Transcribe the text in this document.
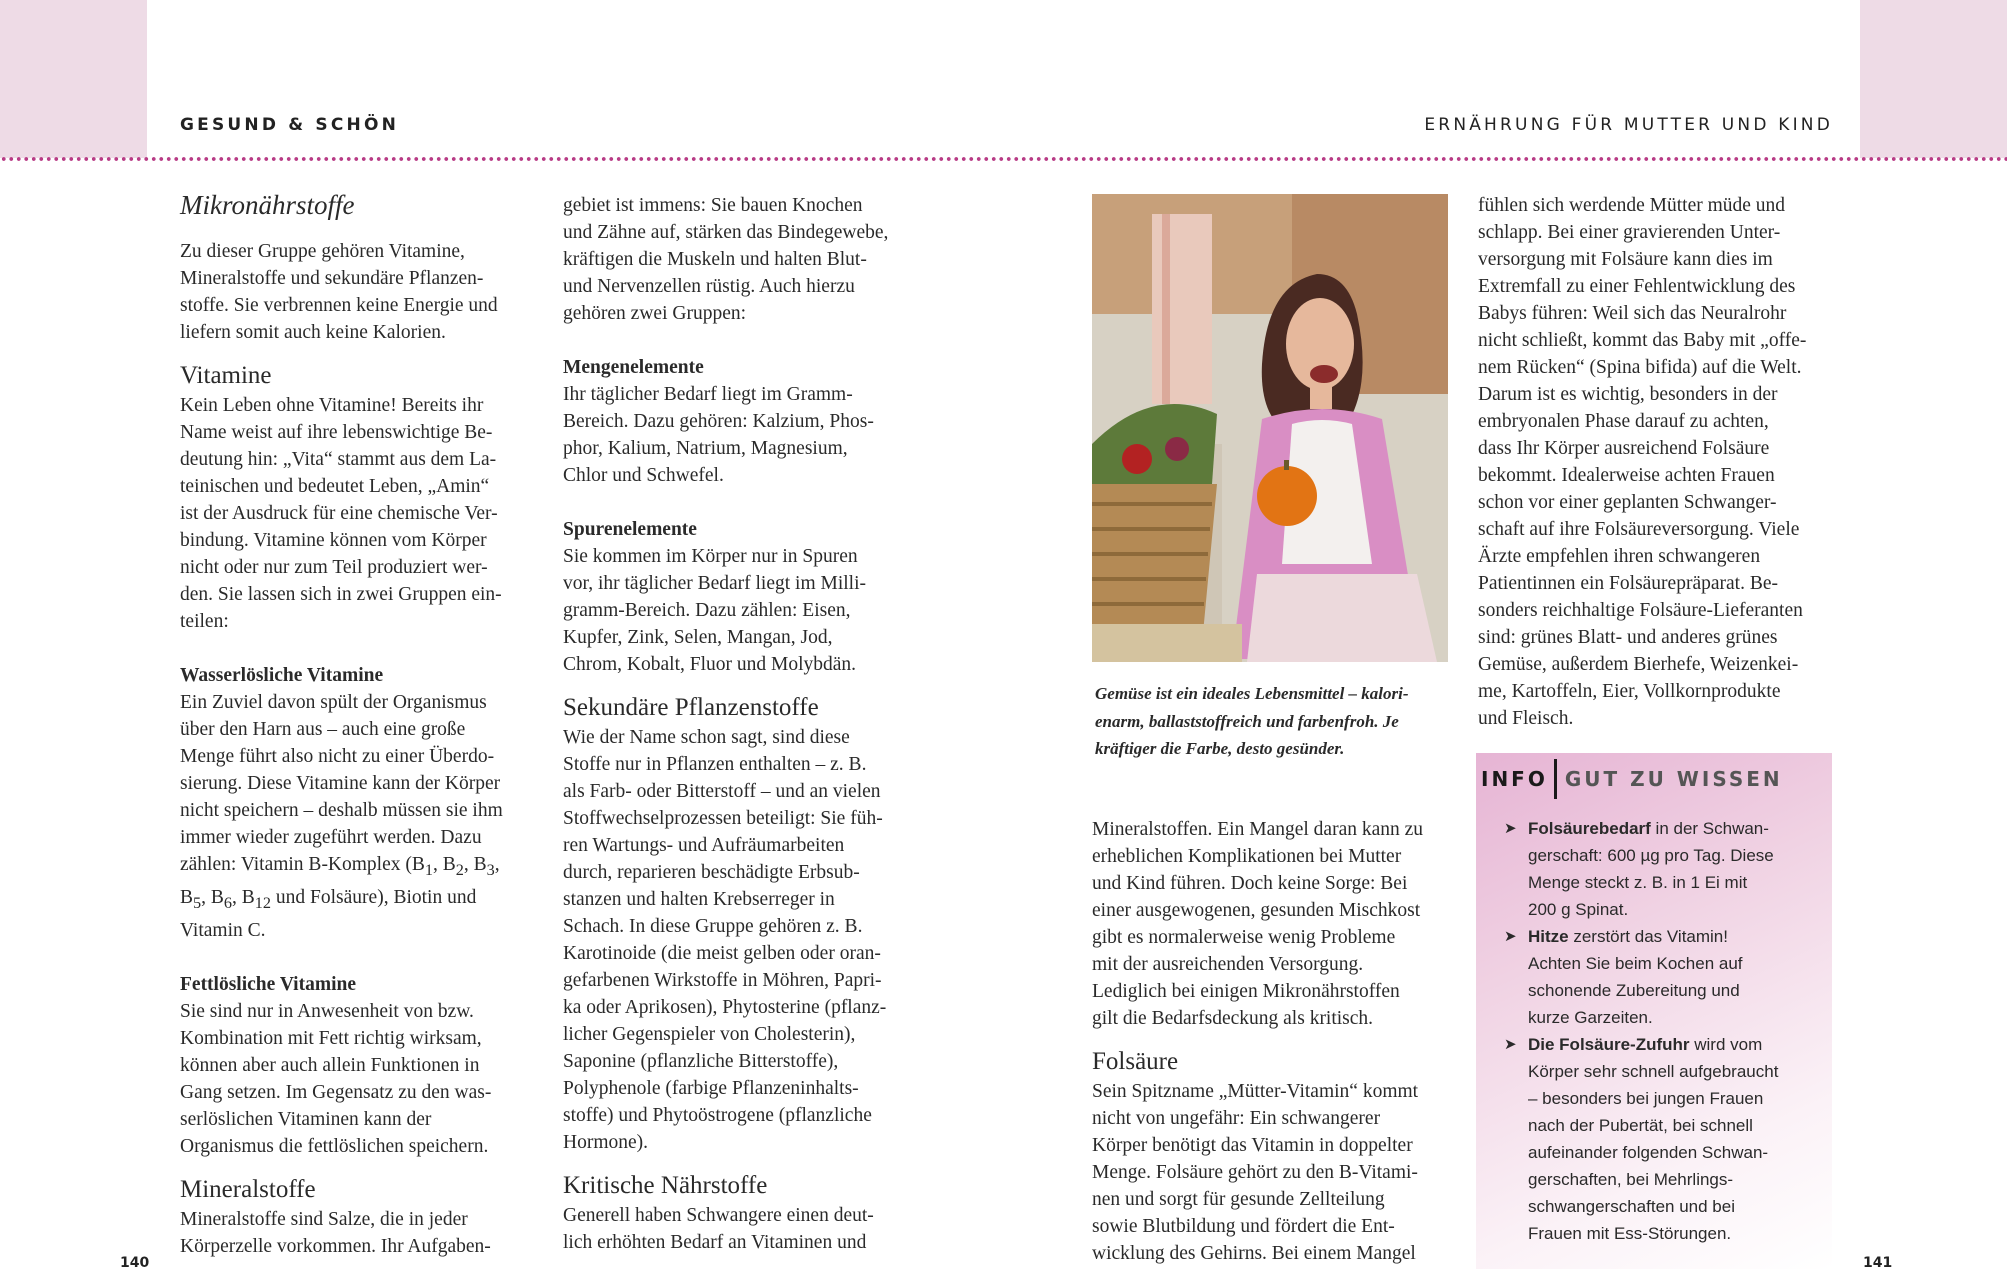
GESUND & SCHÖN	ERNÄHRUNG FÜR MUTTER UND KIND

Mikronährstoffe

Zu dieser Gruppe gehören Vitamine,

Mineralstoffe und sekundäre Pflanzen-

stoffe. Sie verbrennen keine Energie und

liefern somit auch keine Kalorien.

Vitamine

Kein Leben ohne Vitamine! Bereits ihr

Name weist auf ihre lebenswichtige Be-

deutung hin: „Vita“ stammt aus dem La-

teinischen und bedeutet Leben, „Amin“

ist der Ausdruck für eine chemische Ver-

bindung. Vitamine können vom Körper

nicht oder nur zum Teil produziert wer-

den. Sie lassen sich in zwei Gruppen ein-

teilen:

Wasserlösliche Vitamine

Ein Zuviel davon spült der Organismus

über den Harn aus – auch eine große

Menge führt also nicht zu einer Überdo-

sierung. Diese Vitamine kann der Körper

nicht speichern – deshalb müssen sie ihm

immer wieder zugeführt werden. Dazu

zählen: Vitamin B-Komplex ($B_1$, $B_2$, $B_3$,

$B_5$, $B_6$, $B_{12}$ und Folsäure), Biotin und

Vitamin C.

Fettlösliche Vitamine

Sie sind nur in Anwesenheit von bzw.

Kombination mit Fett richtig wirksam,

können aber auch allein Funktionen in

Gang setzen. Im Gegensatz zu den was-

serlöslichen Vitaminen kann der

Organismus die fettlöslichen speichern.

Mineralstoffe

Mineralstoffe sind Salze, die in jeder

Körperzelle vorkommen. Ihr Aufgaben-

gebiet ist immens: Sie bauen Knochen

und Zähne auf, stärken das Bindegewebe,

kräftigen die Muskeln und halten Blut-

und Nervenzellen rüstig. Auch hierzu

gehören zwei Gruppen:

Mengenelemente

Ihr täglicher Bedarf liegt im Gramm-

Bereich. Dazu gehören: Kalzium, Phos-

phor, Kalium, Natrium, Magnesium,

Chlor und Schwefel.

Spurenelemente

Sie kommen im Körper nur in Spuren

vor, ihr täglicher Bedarf liegt im Milli-

gramm-Bereich. Dazu zählen: Eisen,

Kupfer, Zink, Selen, Mangan, Jod,

Chrom, Kobalt, Fluor und Molybdän.

Sekundäre Pflanzenstoffe

Wie der Name schon sagt, sind diese

Stoffe nur in Pflanzen enthalten – z. B.

als Farb- oder Bitterstoff – und an vielen

Stoffwechselprozessen beteiligt: Sie füh-

ren Wartungs- und Aufräumarbeiten

durch, reparieren beschädigte Erbsub-

stanzen und halten Krebserreger in

Schach. In diese Gruppe gehören z. B.

Karotinoide (die meist gelben oder oran-

gefarbenen Wirkstoffe in Möhren, Papri-

ka oder Aprikosen), Phytosterine (pflanz-

licher Gegenspieler von Cholesterin),

Saponine (pflanzliche Bitterstoffe),

Polyphenole (farbige Pflanzeninhalts-

stoffe) und Phytoöstrogene (pflanzliche

Hormone).

Kritische Nährstoffe

Generell haben Schwangere einen deut-

lich erhöhten Bedarf an Vitaminen und

Gemüse ist ein ideales Lebensmittel – kalori-

enarm, ballaststoffreich und farbenfroh. Je

kräftiger die Farbe, desto gesünder.

Mineralstoffen. Ein Mangel daran kann zu

erheblichen Komplikationen bei Mutter

und Kind führen. Doch keine Sorge: Bei

einer ausgewogenen, gesunden Mischkost

gibt es normalerweise wenig Probleme

mit der ausreichenden Versorgung.

Lediglich bei einigen Mikronährstoffen

gilt die Bedarfsdeckung als kritisch.

Folsäure

Sein Spitzname „Mütter-Vitamin“ kommt

nicht von ungefähr: Ein schwangerer

Körper benötigt das Vitamin in doppelter

Menge. Folsäure gehört zu den B-Vitami-

nen und sorgt für gesunde Zellteilung

sowie Blutbildung und fördert die Ent-

wicklung des Gehirns. Bei einem Mangel

fühlen sich werdende Mütter müde und

schlapp. Bei einer gravierenden Unter-

versorgung mit Folsäure kann dies im

Extremfall zu einer Fehlentwicklung des

Babys führen: Weil sich das Neuralrohr

nicht schließt, kommt das Baby mit „offe-

nem Rücken“ (Spina bifida) auf die Welt.

Darum ist es wichtig, besonders in der

embryonalen Phase darauf zu achten,

dass Ihr Körper ausreichend Folsäure

bekommt. Idealerweise achten Frauen

schon vor einer geplanten Schwanger-

schaft auf ihre Folsäureversorgung. Viele

Ärzte empfehlen ihren schwangeren

Patientinnen ein Folsäurepräparat. Be-

sonders reichhaltige Folsäure-Lieferanten

sind: grünes Blatt- und anderes grünes

Gemüse, außerdem Bierhefe, Weizenkei-

me, Kartoffeln, Eier, Vollkornprodukte

und Fleisch.

INFO GUT ZU WISSEN
➤ Folsäurebedarf in der Schwan-
gerschaft: 600 µg pro Tag. Diese
Menge steckt z. B. in 1 Ei mit
200 g Spinat.
➤ Hitze zerstört das Vitamin!
Achten Sie beim Kochen auf
schonende Zubereitung und
kurze Garzeiten.
➤ Die Folsäure-Zufuhr wird vom
Körper sehr schnell aufgebraucht
– besonders bei jungen Frauen
nach der Pubertät, bei schnell
aufeinander folgenden Schwan-
gerschaften, bei Mehrlings-
schwangerschaften und bei
Frauen mit Ess-Störungen.
140	141
